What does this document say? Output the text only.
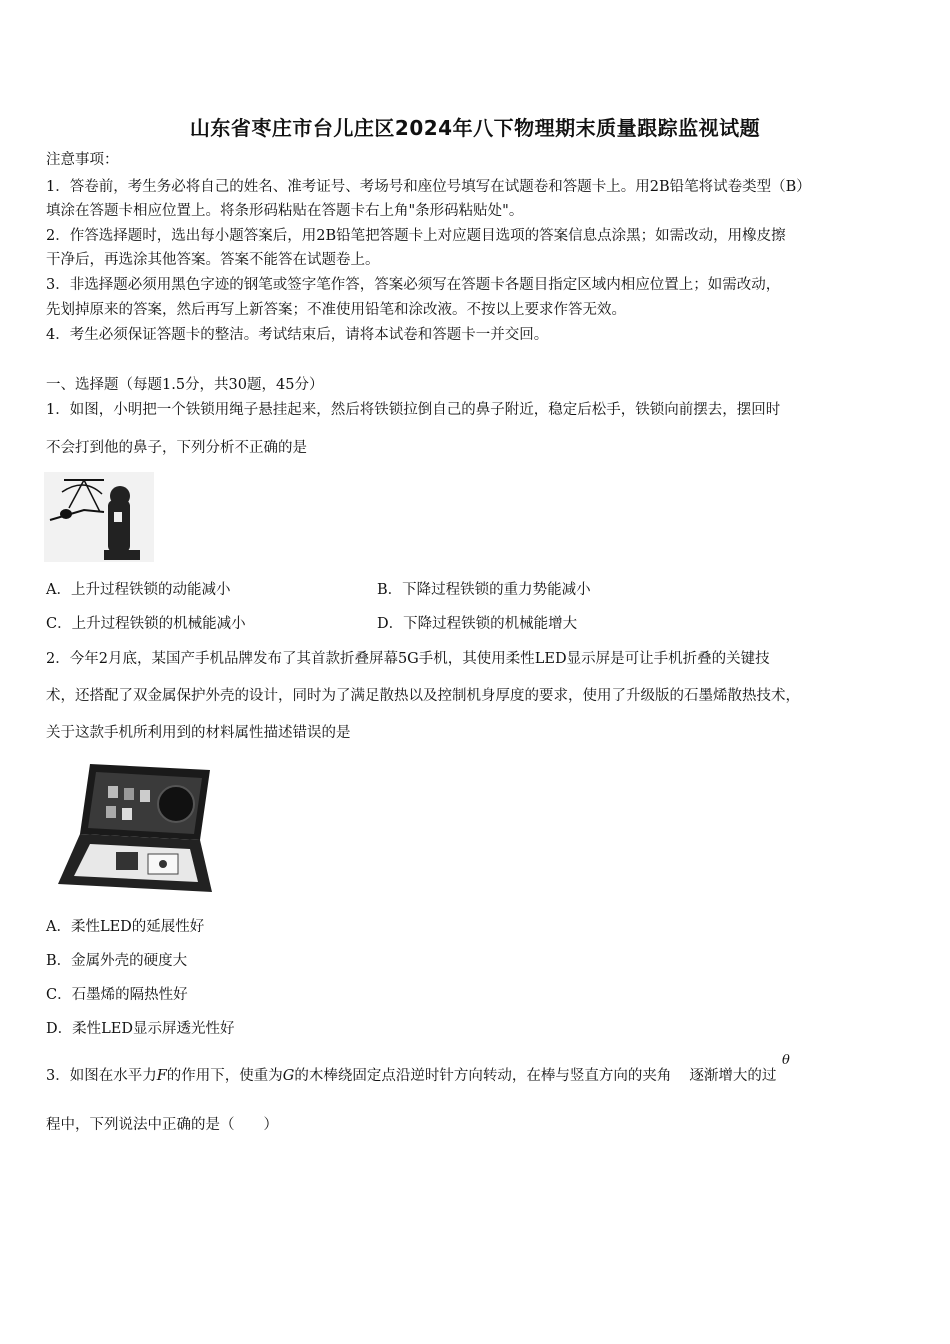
山东省枣庄市台儿庄区2024年八下物理期末质量跟踪监视试题
注意事项：
1．答卷前，考生务必将自己的姓名、准考证号、考场号和座位号填写在试题卷和答题卡上。用2B铅笔将试卷类型（B）
填涂在答题卡相应位置上。将条形码粘贴在答题卡右上角"条形码粘贴处"。
2．作答选择题时，选出每小题答案后，用2B铅笔把答题卡上对应题目选项的答案信息点涂黑；如需改动，用橡皮擦
干净后，再选涂其他答案。答案不能答在试题卷上。
3．非选择题必须用黑色字迹的钢笔或签字笔作答，答案必须写在答题卡各题目指定区域内相应位置上；如需改动，
先划掉原来的答案，然后再写上新答案；不准使用铅笔和涂改液。不按以上要求作答无效。
4．考生必须保证答题卡的整洁。考试结束后，请将本试卷和答题卡一并交回。
一、选择题（每题1.5分，共30题，45分）
1．如图，小明把一个铁锁用绳子悬挂起来，然后将铁锁拉倒自己的鼻子附近，稳定后松手，铁锁向前摆去，摆回时
不会打到他的鼻子，下列分析不正确的是
A．上升过程铁锁的动能减小	B．下降过程铁锁的重力势能减小
C．上升过程铁锁的机械能减小	D．下降过程铁锁的机械能增大
2．今年2月底，某国产手机品牌发布了其首款折叠屏幕5G手机，其使用柔性LED显示屏是可让手机折叠的关键技
术，还搭配了双金属保护外壳的设计，同时为了满足散热以及控制机身厚度的要求，使用了升级版的石墨烯散热技术，
关于这款手机所利用到的材料属性描述错误的是
A．柔性LED的延展性好
B．金属外壳的硬度大
C．石墨烯的隔热性好
D．柔性LED显示屏透光性好
3．如图在水平力F的作用下，使重为G的木棒绕固定点沿逆时针方向转动，在棒与竖直方向的夹角 逐渐增大的过
θ
程中，下列说法中正确的是（　　）
